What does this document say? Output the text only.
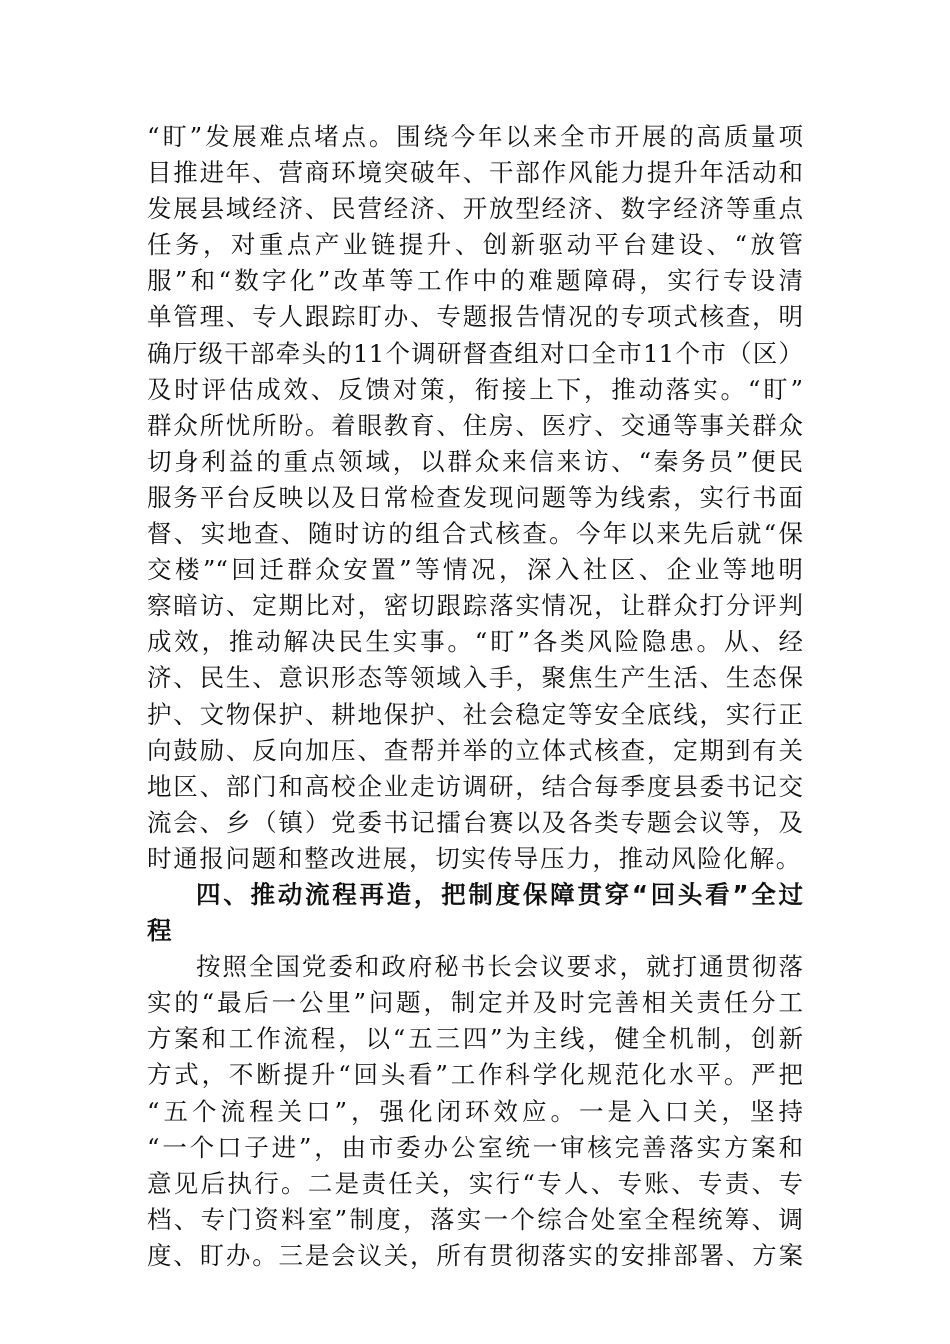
“盯”发展难点堵点。围绕今年以来全市开展的高质量项
目推进年、营商环境突破年、干部作风能力提升年活动和
发展县域经济、民营经济、开放型经济、数字经济等重点
任务，对重点产业链提升、创新驱动平台建设、“放管
服”和“数字化”改革等工作中的难题障碍，实行专设清
单管理、专人跟踪盯办、专题报告情况的专项式核查，明
确厅级干部牵头的11个调研督查组对口全市11个市（区）
及时评估成效、反馈对策，衔接上下，推动落实。“盯”
群众所忧所盼。着眼教育、住房、医疗、交通等事关群众
切身利益的重点领域，以群众来信来访、“秦务员”便民
服务平台反映以及日常检查发现问题等为线索，实行书面
督、实地查、随时访的组合式核查。今年以来先后就“保
交楼”“回迁群众安置”等情况，深入社区、企业等地明
察暗访、定期比对，密切跟踪落实情况，让群众打分评判
成效，推动解决民生实事。“盯”各类风险隐患。从、经
济、民生、意识形态等领域入手，聚焦生产生活、生态保
护、文物保护、耕地保护、社会稳定等安全底线，实行正
向鼓励、反向加压、查帮并举的立体式核查，定期到有关
地区、部门和高校企业走访调研，结合每季度县委书记交
流会、乡（镇）党委书记擂台赛以及各类专题会议等，及
时通报问题和整改进展，切实传导压力，推动风险化解。
四、推动流程再造，把制度保障贯穿“回头看”全过
程
按照全国党委和政府秘书长会议要求，就打通贯彻落
实的“最后一公里”问题，制定并及时完善相关责任分工
方案和工作流程，以“五三四”为主线，健全机制，创新
方式，不断提升“回头看”工作科学化规范化水平。严把
“五个流程关口”，强化闭环效应。一是入口关，坚持
“一个口子进”，由市委办公室统一审核完善落实方案和
意见后执行。二是责任关，实行“专人、专账、专责、专
档、专门资料室”制度，落实一个综合处室全程统筹、调
度、盯办。三是会议关，所有贯彻落实的安排部署、方案
